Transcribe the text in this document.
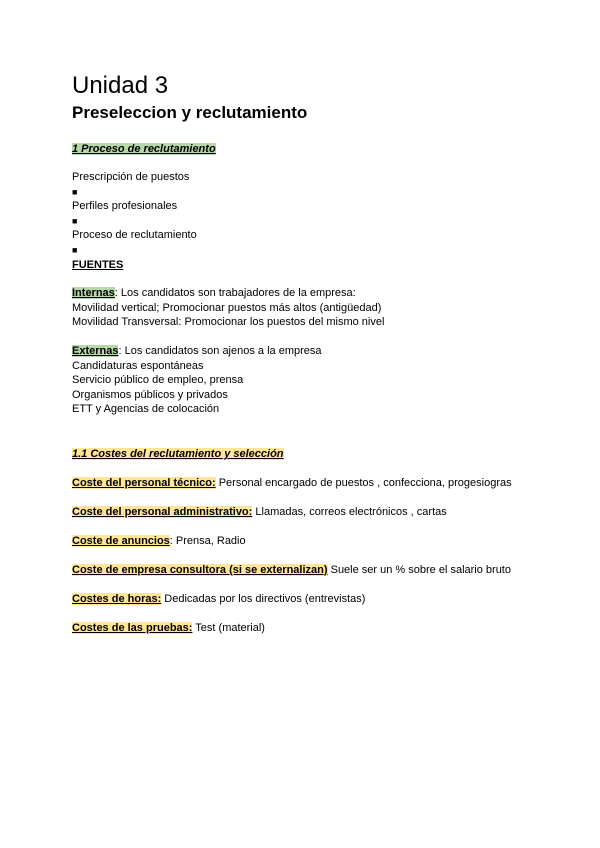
Unidad 3
Preseleccion y reclutamiento
1 Proceso de reclutamiento
Prescripción de puestos
■
Perfiles profesionales
■
Proceso de reclutamiento
■
FUENTES
Internas: Los candidatos son trabajadores de la empresa:
Movilidad vertical; Promocionar puestos más altos (antigüedad)
Movilidad Transversal: Promocionar los puestos del mismo nivel
Externas: Los candidatos son ajenos a la empresa
Candidaturas espontáneas
Servicio público de empleo, prensa
Organismos públicos y privados
ETT y Agencias de colocación
1.1 Costes del reclutamiento y selección
Coste del personal técnico: Personal encargado de puestos , confecciona, progesiogras
Coste del personal administrativo: Llamadas, correos electrónicos , cartas
Coste de anuncios: Prensa, Radio
Coste de empresa consultora (si se externalizan) Suele ser un % sobre el salario bruto
Costes de horas: Dedicadas por los directivos (entrevistas)
Costes de las pruebas: Test (material)
